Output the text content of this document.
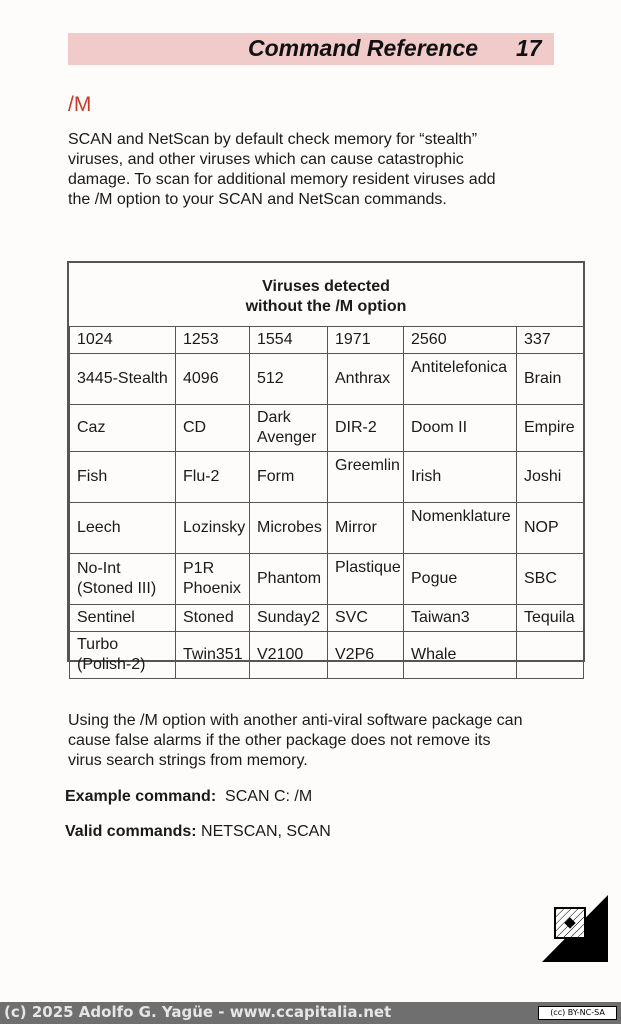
Command Reference 17
/M
SCAN and NetScan by default check memory for “stealth”
viruses, and other viruses which can cause catastrophic
damage. To scan for additional memory resident viruses add
the /M option to your SCAN and NetScan commands.
Viruses detected
without the /M option
1024	1253	1554	1971	2560	337
3445-Stealth	4096	512	Anthrax	Antitelefonica	Brain
Caz	CD	Dark Avenger	DIR-2	Doom II	Empire
Fish	Flu-2	Form	Greemlin	Irish	Joshi
Leech	Lozinsky	Microbes	Mirror	Nomenklature	NOP
No-Int (Stoned III)	P1R Phoenix	Phantom	Plastique	Pogue	SBC
Sentinel	Stoned	Sunday2	SVC	Taiwan3	Tequila
Turbo (Polish-2)	Twin351	V2100	V2P6	Whale	
Using the /M option with another anti-viral software package can
cause false alarms if the other package does not remove its
virus search strings from memory.
Example command: SCAN C: /M
Valid commands: NETSCAN, SCAN
(c) 2025 Adolfo G. Yagüe - www.ccapitalia.net	(cc) BY-NC-SA
